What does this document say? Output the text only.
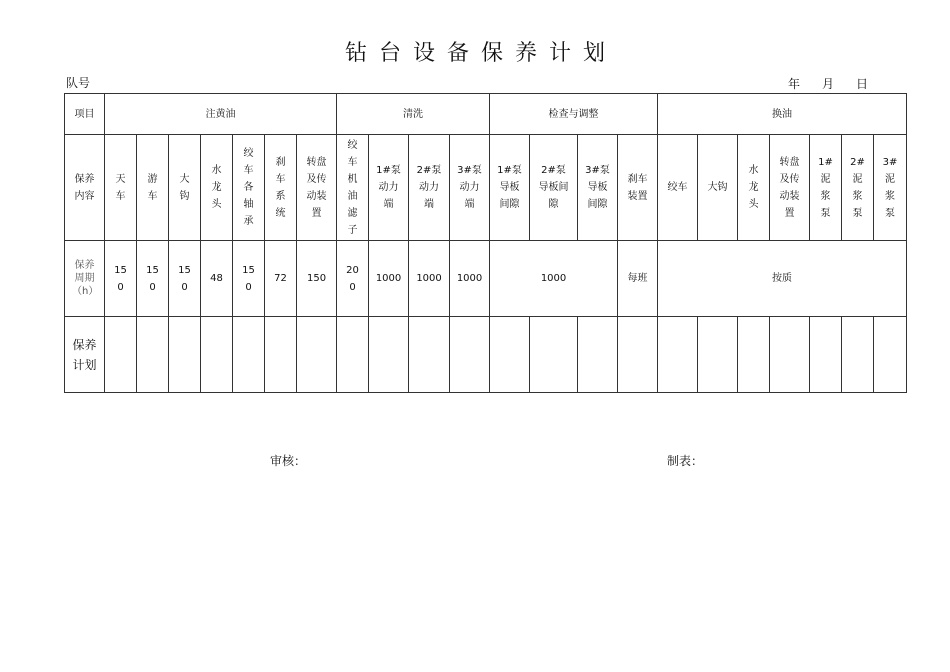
钻台设备保养计划
队号	年 月 日
项目	注黄油							清洗				检查与调整				换油						
保养内容	天车	游车	大钩	水龙头	绞车各轴承	刹车系统	转盘及传动装置	绞车机油滤子	1#泵动力端	2#泵动力端	3#泵动力端	1#泵导板间隙	2#泵导板间隙	3#泵导板间隙	刹车装置	绞车	大钩	水龙头	转盘及传动装置	1#泥浆泵	2#泥浆泵	3#泥浆泵
保养周期（h）	150	150	150	48	150	72	150	200	1000	1000	1000	1000			每班	按质						
保养计划																						
审核：	制表：
